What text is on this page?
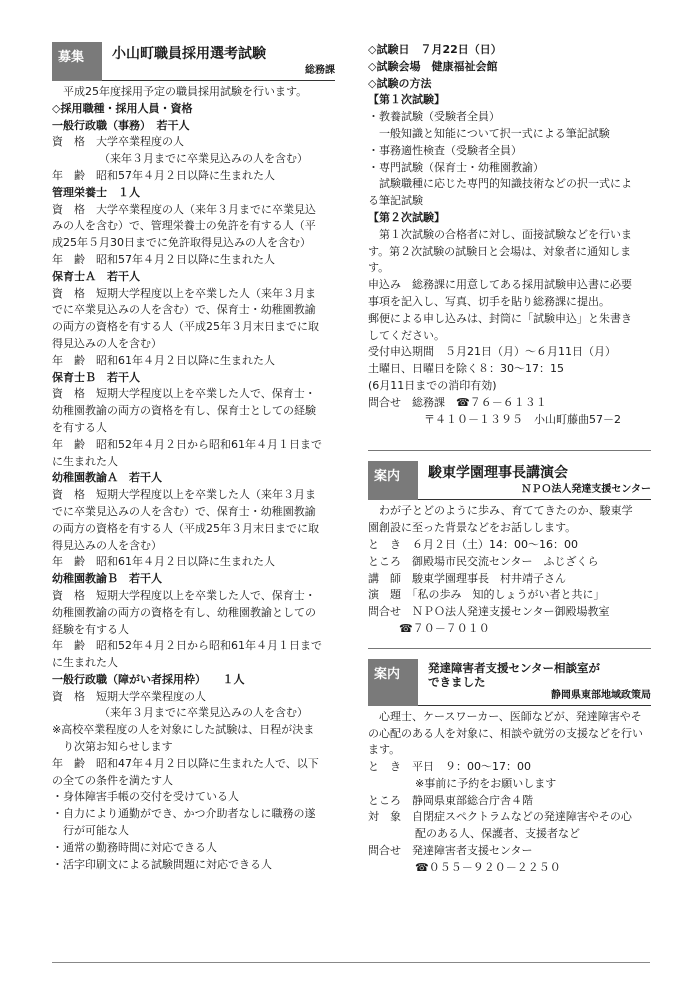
募集	小山町職員採用選考試験
総務課
　平成25年度採用予定の職員採用試験を行います。
◇採用職種・採用人員・資格
一般行政職（事務）　若干人
資　格　大学卒業程度の人
（来年３月までに卒業見込みの人を含む）
年　齢　昭和57年４月２日以降に生まれた人
管理栄養士　１人
資　格　大学卒業程度の人（来年３月までに卒業見込
みの人を含む）で、管理栄養士の免許を有する人（平
成25年５月30日までに免許取得見込みの人を含む）
年　齢　昭和57年４月２日以降に生まれた人
保育士Ａ　若干人
資　格　短期大学程度以上を卒業した人（来年３月ま
でに卒業見込みの人を含む）で、保育士・幼稚園教諭
の両方の資格を有する人（平成25年３月末日までに取
得見込みの人を含む）
年　齢　昭和61年４月２日以降に生まれた人
保育士Ｂ　若干人
資　格　短期大学程度以上を卒業した人で、保育士・
幼稚園教諭の両方の資格を有し、保育士としての経験
を有する人
年　齢　昭和52年４月２日から昭和61年４月１日まで
に生まれた人
幼稚園教諭Ａ　若干人
資　格　短期大学程度以上を卒業した人（来年３月ま
でに卒業見込みの人を含む）で、保育士・幼稚園教諭
の両方の資格を有する人（平成25年３月末日までに取
得見込みの人を含む）
年　齢　昭和61年４月２日以降に生まれた人
幼稚園教諭Ｂ　若干人
資　格　短期大学程度以上を卒業した人で、保育士・
幼稚園教諭の両方の資格を有し、幼稚園教諭としての
経験を有する人
年　齢　昭和52年４月２日から昭和61年４月１日まで
に生まれた人
一般行政職（障がい者採用枠）　　１人
資　格　短期大学卒業程度の人
（来年３月までに卒業見込みの人を含む）
※高校卒業程度の人を対象にした試験は、日程が決ま
り次第お知らせします
年　齢　昭和47年４月２日以降に生まれた人で、以下
の全ての条件を満たす人
・身体障害手帳の交付を受けている人
・自力により通勤ができ、かつ介助者なしに職務の遂
行が可能な人
・通常の勤務時間に対応できる人
・活字印刷文による試験問題に対応できる人
◇試験日　７月22日（日）
◇試験会場　健康福祉会館
◇試験の方法
【第１次試験】
・教養試験（受験者全員）
一般知識と知能について択一式による筆記試験
・事務適性検査（受験者全員）
・専門試験（保育士・幼稚園教諭）
試験職種に応じた専門的知識技術などの択一式によ
る筆記試験
【第２次試験】
　第１次試験の合格者に対し、面接試験などを行いま
す。第２次試験の試験日と会場は、対象者に通知しま
す。
申込み　総務課に用意してある採用試験申込書に必要
事項を記入し、写真、切手を貼り総務課に提出。
郵便による申し込みは、封筒に「試験申込」と朱書き
してください。
受付申込期間　５月21日（月）～６月11日（月）
土曜日、日曜日を除く８：30～17：15
(6月11日までの消印有効)
問合せ　総務課　☎７６－６１３１
〒４１０－１３９５　小山町藤曲57－2
案内	駿東学園理事長講演会
ＮＰＯ法人発達支援センター
　わが子とどのように歩み、育ててきたのか、駿東学
園創設に至った背景などをお話しします。
と　き　６月２日（土）14：00～16：00
ところ　御殿場市民交流センター　ふじざくら
講　師　駿東学園理事長　村井靖子さん
演　題　「私の歩み　知的しょうがい者と共に」
問合せ　ＮＰＯ法人発達支援センター御殿場教室
☎７０－７０１０
案内	発達障害者支援センター相談室が
できました
静岡県東部地域政策局
　心理士、ケースワーカー、医師などが、発達障害やそ
の心配のある人を対象に、相談や就労の支援などを行い
ます。
と　き　平日　９：00～17：00
※事前に予約をお願いします
ところ　静岡県東部総合庁舎４階
対　象　自閉症スペクトラムなどの発達障害やその心
配のある人、保護者、支援者など
問合せ　発達障害者支援センター
☎０５５－９２０－２２５０
